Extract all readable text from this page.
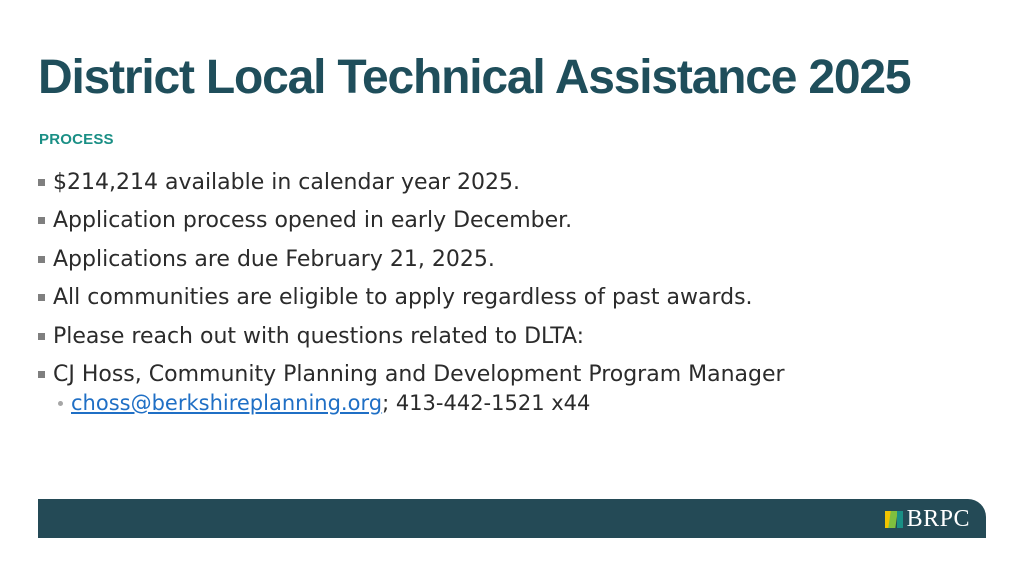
District Local Technical Assistance 2025
PROCESS
$214,214 available in calendar year 2025.
Application process opened in early December.
Applications are due February 21, 2025.
All communities are eligible to apply regardless of past awards.
Please reach out with questions related to DLTA:
CJ Hoss, Community Planning and Development Program Manager
choss@berkshireplanning.org ; 413-442-1521 x44
BRPC
